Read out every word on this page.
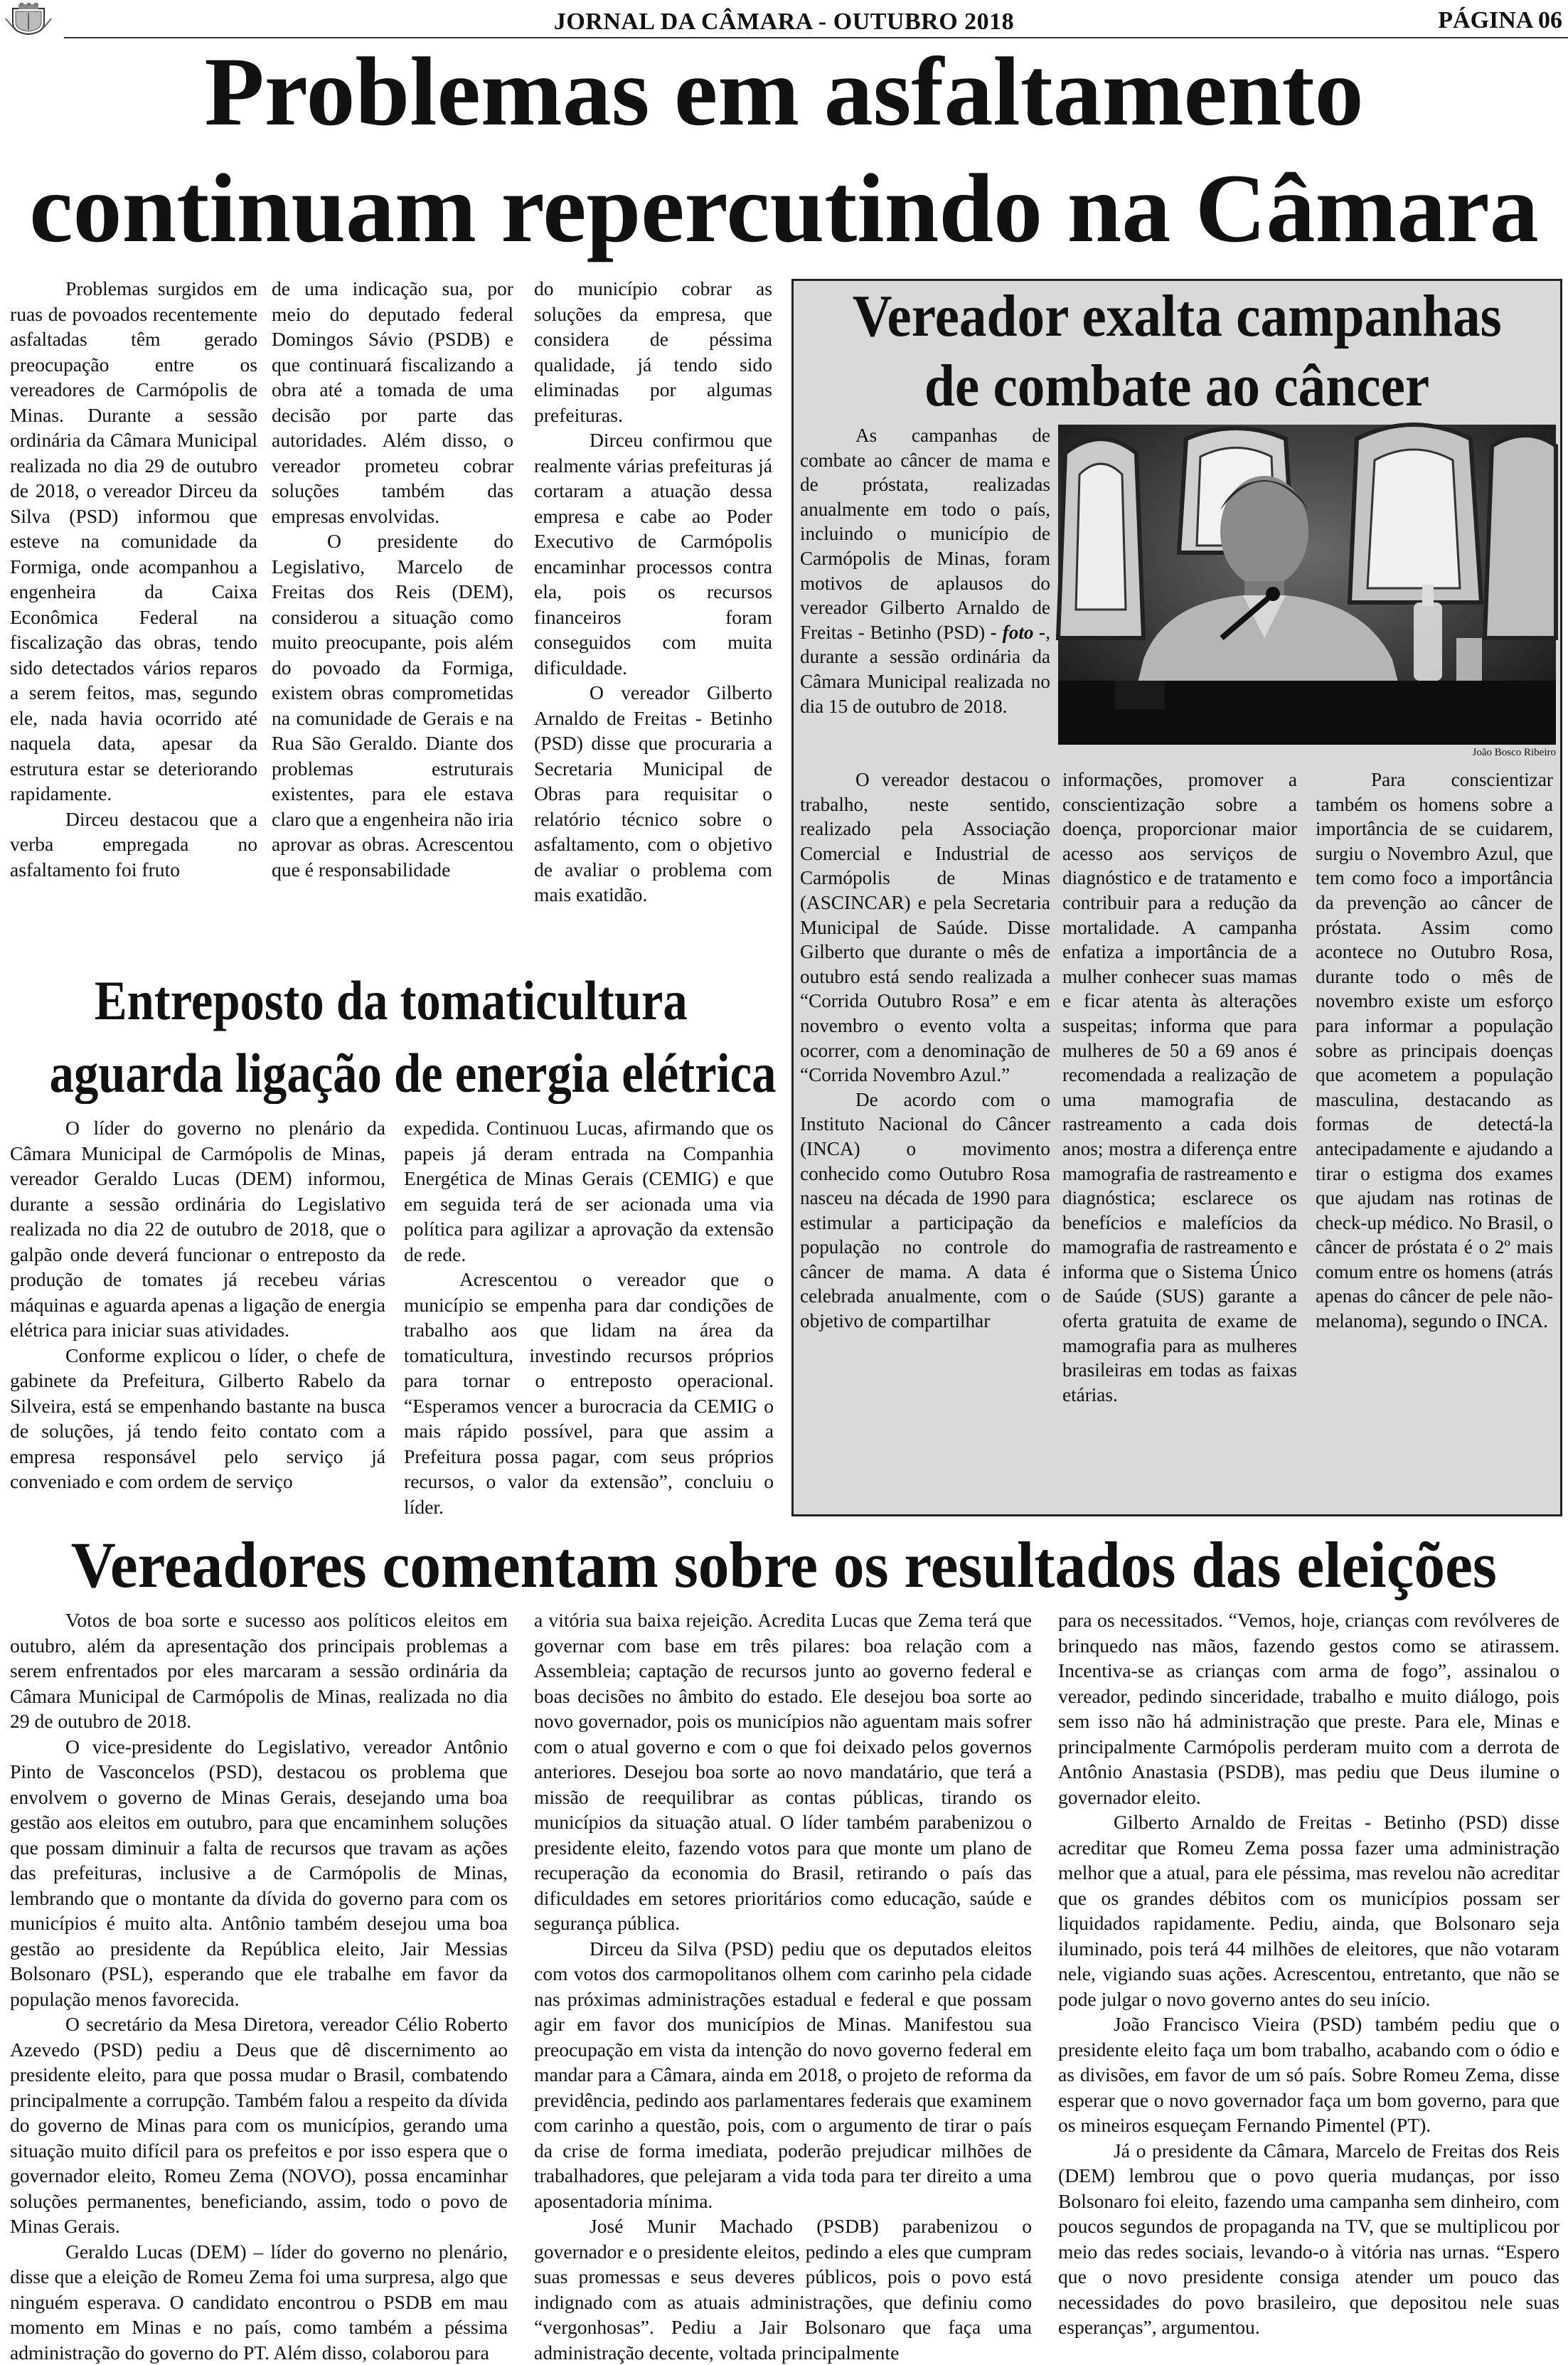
JORNAL DA CÂMARA - OUTUBRO 2018	PÁGINA 06
Problemas em asfaltamento
continuam repercutindo na Câmara

Problemas surgidos em ruas de povoados recentemente asfaltadas têm gerado preocupação entre os vereadores de Carmópolis de Minas. Durante a sessão ordinária da Câmara Municipal realizada no dia 29 de outubro de 2018, o vereador Dirceu da Silva (PSD) informou que esteve na comunidade da Formiga, onde acompanhou a engenheira da Caixa Econômica Federal na fiscalização das obras, tendo sido detectados vários reparos a serem feitos, mas, segundo ele, nada havia ocorrido até naquela data, apesar da estrutura estar se deteriorando rapidamente.

Dirceu destacou que a verba empregada no asfaltamento foi fruto

de uma indicação sua, por meio do deputado federal Domingos Sávio (PSDB) e que continuará fiscalizando a obra até a tomada de uma decisão por parte das autoridades. Além disso, o vereador prometeu cobrar soluções também das empresas envolvidas.

O presidente do Legislativo, Marcelo de Freitas dos Reis (DEM), considerou a situação como muito preocupante, pois além do povoado da Formiga, existem obras comprometidas na comunidade de Gerais e na Rua São Geraldo. Diante dos problemas estruturais existentes, para ele estava claro que a engenheira não iria aprovar as obras. Acrescentou que é responsabilidade

do município cobrar as soluções da empresa, que considera de péssima qualidade, já tendo sido eliminadas por algumas prefeituras.

Dirceu confirmou que realmente várias prefeituras já cortaram a atuação dessa empresa e cabe ao Poder Executivo de Carmópolis encaminhar processos contra ela, pois os recursos financeiros foram conseguidos com muita dificuldade.

O vereador Gilberto Arnaldo de Freitas - Betinho (PSD) disse que procuraria a Secretaria Municipal de Obras para requisitar o relatório técnico sobre o asfaltamento, com o objetivo de avaliar o problema com mais exatidão.

Vereador exalta campanhas
de combate ao câncer
João Bosco Ribeiro

As campanhas de combate ao câncer de mama e de próstata, realizadas anualmente em todo o país, incluindo o município de Carmópolis de Minas, foram motivos de aplausos do vereador Gilberto Arnaldo de Freitas - Betinho (PSD) - foto -, durante a sessão ordinária da Câmara Municipal realizada no dia 15 de outubro de 2018.

O vereador destacou o trabalho, neste sentido, realizado pela Associação Comercial e Industrial de Carmópolis de Minas (ASCINCAR) e pela Secretaria Municipal de Saúde. Disse Gilberto que durante o mês de outubro está sendo realizada a “Corrida Outubro Rosa” e em novembro o evento volta a ocorrer, com a denominação de “Corrida Novembro Azul.”

De acordo com o Instituto Nacional do Câncer (INCA) o movimento conhecido como Outubro Rosa nasceu na década de 1990 para estimular a participação da população no controle do câncer de mama. A data é celebrada anualmente, com o objetivo de compartilhar

informações, promover a conscientização sobre a doença, proporcionar maior acesso aos serviços de diagnóstico e de tratamento e contribuir para a redução da mortalidade. A campanha enfatiza a importância de a mulher conhecer suas mamas e ficar atenta às alterações suspeitas; informa que para mulheres de 50 a 69 anos é recomendada a realização de uma mamografia de rastreamento a cada dois anos; mostra a diferença entre mamografia de rastreamento e diagnóstica; esclarece os benefícios e malefícios da mamografia de rastreamento e informa que o Sistema Único de Saúde (SUS) garante a oferta gratuita de exame de mamografia para as mulheres brasileiras em todas as faixas etárias.

Para conscientizar também os homens sobre a importância de se cuidarem, surgiu o Novembro Azul, que tem como foco a importância da prevenção ao câncer de próstata. Assim como acontece no Outubro Rosa, durante todo o mês de novembro existe um esforço para informar a população sobre as principais doenças que acometem a população masculina, destacando as formas de detectá-la antecipadamente e ajudando a tirar o estigma dos exames que ajudam nas rotinas de check-up médico. No Brasil, o câncer de próstata é o 2º mais comum entre os homens (atrás apenas do câncer de pele não-melanoma), segundo o INCA.

Entreposto da tomaticultura
aguarda ligação de energia elétrica

O líder do governo no plenário da Câmara Municipal de Carmópolis de Minas, vereador Geraldo Lucas (DEM) informou, durante a sessão ordinária do Legislativo realizada no dia 22 de outubro de 2018, que o galpão onde deverá funcionar o entreposto da produção de tomates já recebeu várias máquinas e aguarda apenas a ligação de energia elétrica para iniciar suas atividades.

Conforme explicou o líder, o chefe de gabinete da Prefeitura, Gilberto Rabelo da Silveira, está se empenhando bastante na busca de soluções, já tendo feito contato com a empresa responsável pelo serviço já conveniado e com ordem de serviço

expedida. Continuou Lucas, afirmando que os papeis já deram entrada na Companhia Energética de Minas Gerais (CEMIG) e que em seguida terá de ser acionada uma via política para agilizar a aprovação da extensão de rede.

Acrescentou o vereador que o município se empenha para dar condições de trabalho aos que lidam na área da tomaticultura, investindo recursos próprios para tornar o entreposto operacional. “Esperamos vencer a burocracia da CEMIG o mais rápido possível, para que assim a Prefeitura possa pagar, com seus próprios recursos, o valor da extensão”, concluiu o líder.

Vereadores comentam sobre os resultados das eleições

Votos de boa sorte e sucesso aos políticos eleitos em outubro, além da apresentação dos principais problemas a serem enfrentados por eles marcaram a sessão ordinária da Câmara Municipal de Carmópolis de Minas, realizada no dia 29 de outubro de 2018.

O vice-presidente do Legislativo, vereador Antônio Pinto de Vasconcelos (PSD), destacou os problema que envolvem o governo de Minas Gerais, desejando uma boa gestão aos eleitos em outubro, para que encaminhem soluções que possam diminuir a falta de recursos que travam as ações das prefeituras, inclusive a de Carmópolis de Minas, lembrando que o montante da dívida do governo para com os municípios é muito alta. Antônio também desejou uma boa gestão ao presidente da República eleito, Jair Messias Bolsonaro (PSL), esperando que ele trabalhe em favor da população menos favorecida.

O secretário da Mesa Diretora, vereador Célio Roberto Azevedo (PSD) pediu a Deus que dê discernimento ao presidente eleito, para que possa mudar o Brasil, combatendo principalmente a corrupção. Também falou a respeito da dívida do governo de Minas para com os municípios, gerando uma situação muito difícil para os prefeitos e por isso espera que o governador eleito, Romeu Zema (NOVO), possa encaminhar soluções permanentes, beneficiando, assim, todo o povo de Minas Gerais.

Geraldo Lucas (DEM) – líder do governo no plenário, disse que a eleição de Romeu Zema foi uma surpresa, algo que ninguém esperava. O candidato encontrou o PSDB em mau momento em Minas e no país, como também a péssima administração do governo do PT. Além disso, colaborou para

a vitória sua baixa rejeição. Acredita Lucas que Zema terá que governar com base em três pilares: boa relação com a Assembleia; captação de recursos junto ao governo federal e boas decisões no âmbito do estado. Ele desejou boa sorte ao novo governador, pois os municípios não aguentam mais sofrer com o atual governo e com o que foi deixado pelos governos anteriores. Desejou boa sorte ao novo mandatário, que terá a missão de reequilibrar as contas públicas, tirando os municípios da situação atual. O líder também parabenizou o presidente eleito, fazendo votos para que monte um plano de recuperação da economia do Brasil, retirando o país das dificuldades em setores prioritários como educação, saúde e segurança pública.

Dirceu da Silva (PSD) pediu que os deputados eleitos com votos dos carmopolitanos olhem com carinho pela cidade nas próximas administrações estadual e federal e que possam agir em favor dos municípios de Minas. Manifestou sua preocupação em vista da intenção do novo governo federal em mandar para a Câmara, ainda em 2018, o projeto de reforma da previdência, pedindo aos parlamentares federais que examinem com carinho a questão, pois, com o argumento de tirar o país da crise de forma imediata, poderão prejudicar milhões de trabalhadores, que pelejaram a vida toda para ter direito a uma aposentadoria mínima.

José Munir Machado (PSDB) parabenizou o governador e o presidente eleitos, pedindo a eles que cumpram suas promessas e seus deveres públicos, pois o povo está indignado com as atuais administrações, que definiu como “vergonhosas”. Pediu a Jair Bolsonaro que faça uma administração decente, voltada principalmente

para os necessitados. “Vemos, hoje, crianças com revólveres de brinquedo nas mãos, fazendo gestos como se atirassem. Incentiva-se as crianças com arma de fogo”, assinalou o vereador, pedindo sinceridade, trabalho e muito diálogo, pois sem isso não há administração que preste. Para ele, Minas e principalmente Carmópolis perderam muito com a derrota de Antônio Anastasia (PSDB), mas pediu que Deus ilumine o governador eleito.

Gilberto Arnaldo de Freitas - Betinho (PSD) disse acreditar que Romeu Zema possa fazer uma administração melhor que a atual, para ele péssima, mas revelou não acreditar que os grandes débitos com os municípios possam ser liquidados rapidamente. Pediu, ainda, que Bolsonaro seja iluminado, pois terá 44 milhões de eleitores, que não votaram nele, vigiando suas ações. Acrescentou, entretanto, que não se pode julgar o novo governo antes do seu início.

João Francisco Vieira (PSD) também pediu que o presidente eleito faça um bom trabalho, acabando com o ódio e as divisões, em favor de um só país. Sobre Romeu Zema, disse esperar que o novo governador faça um bom governo, para que os mineiros esqueçam Fernando Pimentel (PT).

Já o presidente da Câmara, Marcelo de Freitas dos Reis (DEM) lembrou que o povo queria mudanças, por isso Bolsonaro foi eleito, fazendo uma campanha sem dinheiro, com poucos segundos de propaganda na TV, que se multiplicou por meio das redes sociais, levando-o à vitória nas urnas. “Espero que o novo presidente consiga atender um pouco das necessidades do povo brasileiro, que depositou nele suas esperanças”, argumentou.
